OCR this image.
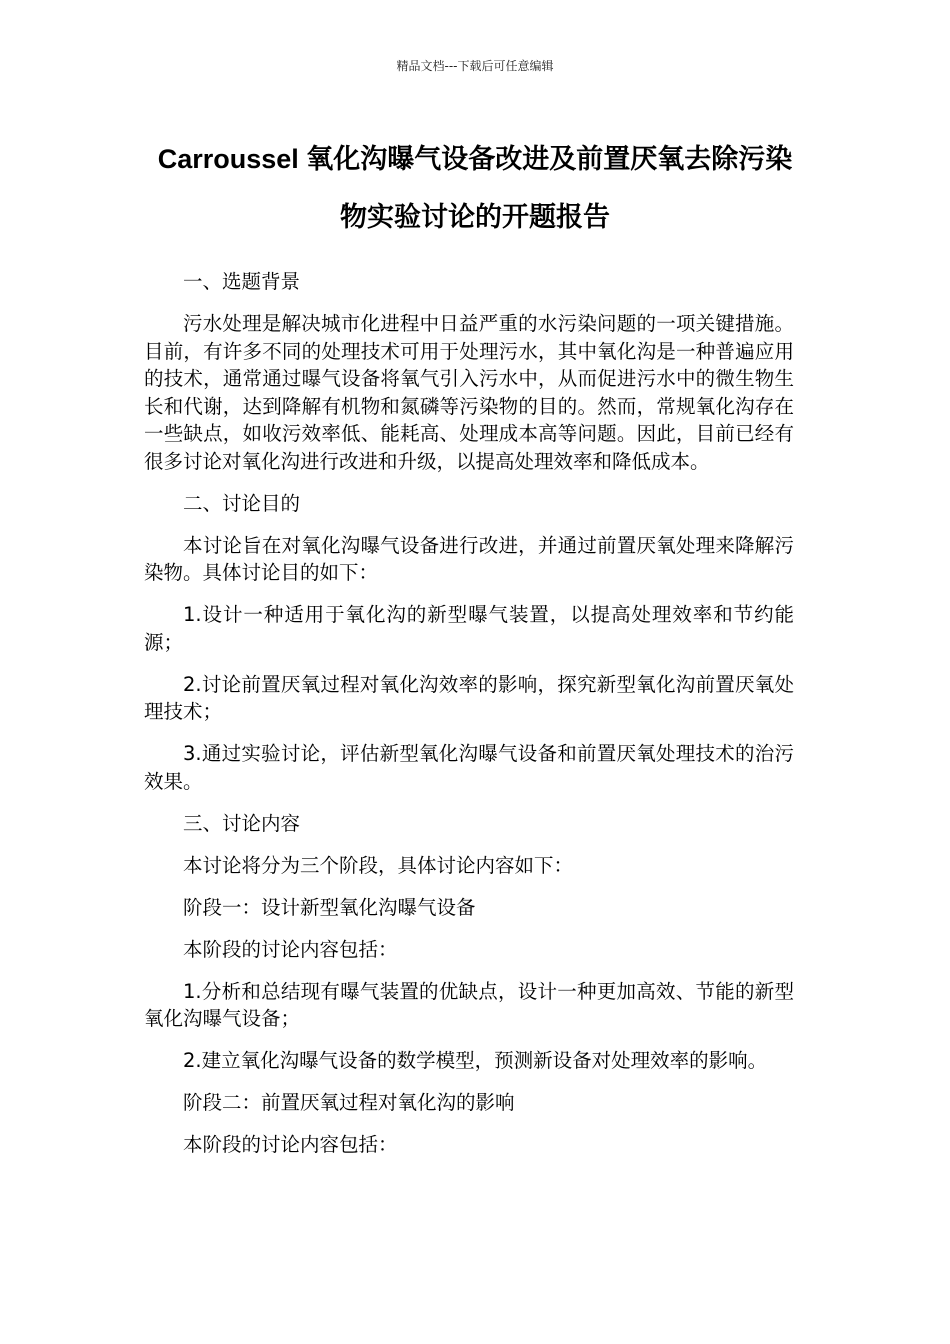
精品文档---下载后可任意编辑
Carroussel 氧化沟曝气设备改进及前置厌氧去除污染
物实验讨论的开题报告

一、选题背景

污水处理是解决城市化进程中日益严重的水污染问题的一项关键措施。目前，有许多不同的处理技术可用于处理污水，其中氧化沟是一种普遍应用的技术，通常通过曝气设备将氧气引入污水中，从而促进污水中的微生物生长和代谢，达到降解有机物和氮磷等污染物的目的。然而，常规氧化沟存在一些缺点，如收污效率低、能耗高、处理成本高等问题。因此，目前已经有很多讨论对氧化沟进行改进和升级，以提高处理效率和降低成本。

二、讨论目的

本讨论旨在对氧化沟曝气设备进行改进，并通过前置厌氧处理来降解污染物。具体讨论目的如下：

1.设计一种适用于氧化沟的新型曝气装置，以提高处理效率和节约能源；

2.讨论前置厌氧过程对氧化沟效率的影响，探究新型氧化沟前置厌氧处理技术；

3.通过实验讨论，评估新型氧化沟曝气设备和前置厌氧处理技术的治污效果。

三、讨论内容

本讨论将分为三个阶段，具体讨论内容如下：

阶段一：设计新型氧化沟曝气设备

本阶段的讨论内容包括：

1.分析和总结现有曝气装置的优缺点，设计一种更加高效、节能的新型氧化沟曝气设备；

2.建立氧化沟曝气设备的数学模型，预测新设备对处理效率的影响。

阶段二：前置厌氧过程对氧化沟的影响

本阶段的讨论内容包括：
